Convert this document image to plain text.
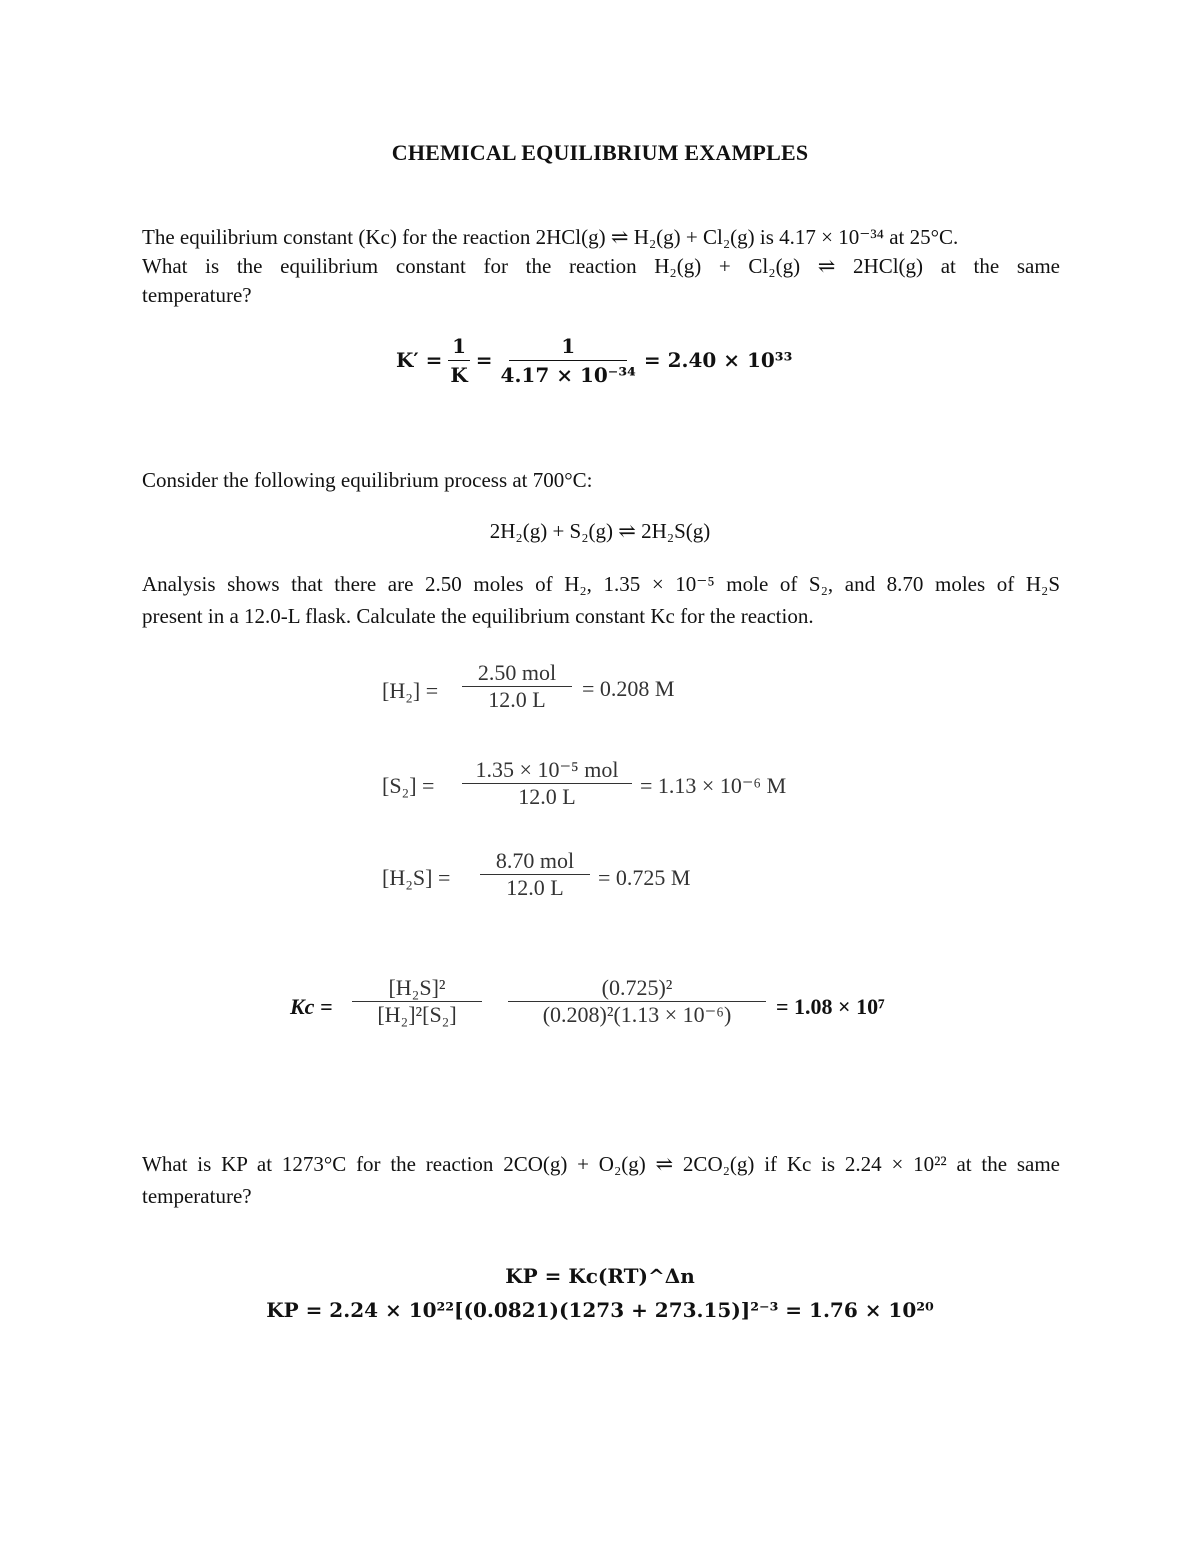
CHEMICAL EQUILIBRIUM EXAMPLES
The equilibrium constant (Kc) for the reaction 2HCl(g) ⇌ H₂(g) + Cl₂(g) is 4.17 × 10⁻³⁴ at 25°C.
What is the equilibrium constant for the reaction H₂(g) + Cl₂(g) ⇌ 2HCl(g) at the same
temperature?
$K' = \frac{1}{K} = \frac{1}{\text{4.17 × 10⁻³⁴}} = 2.40 \times 10^{33}$
Consider the following equilibrium process at 700°C:
2H₂(g) + S₂(g) ⇌ 2H₂S(g)
Analysis shows that there are 2.50 moles of H₂, 1.35 × 10⁻⁵ mole of S₂, and 8.70 moles of H₂S
present in a 12.0-L flask. Calculate the equilibrium constant Kc for the reaction.
[H₂] =
2.50 mol
12.0 L	= 0.208 M
[S₂] =
1.35 × 10⁻⁵ mol
12.0 L	= 1.13 × 10⁻⁶ M
[H₂S] =
8.70 mol
12.0 L	= 0.725 M
$Kc = \frac{\text{[H₂S]²}}{\text{[H₂]²[S₂]}} \frac{\text{(0.725)²}}{\text{(0.208)²(1.13 × 10⁻⁶)}} = 1.08 \times 10^7$
What is KP at 1273°C for the reaction 2CO(g) + O₂(g) ⇌ 2CO₂(g) if Kc is 2.24 × 10²² at the same
temperature?
KP = Kc(RT)^Δn
KP = 2.24 × 10²²[(0.0821)(1273 + 273.15)]²⁻³ = 1.76 × 10²⁰
